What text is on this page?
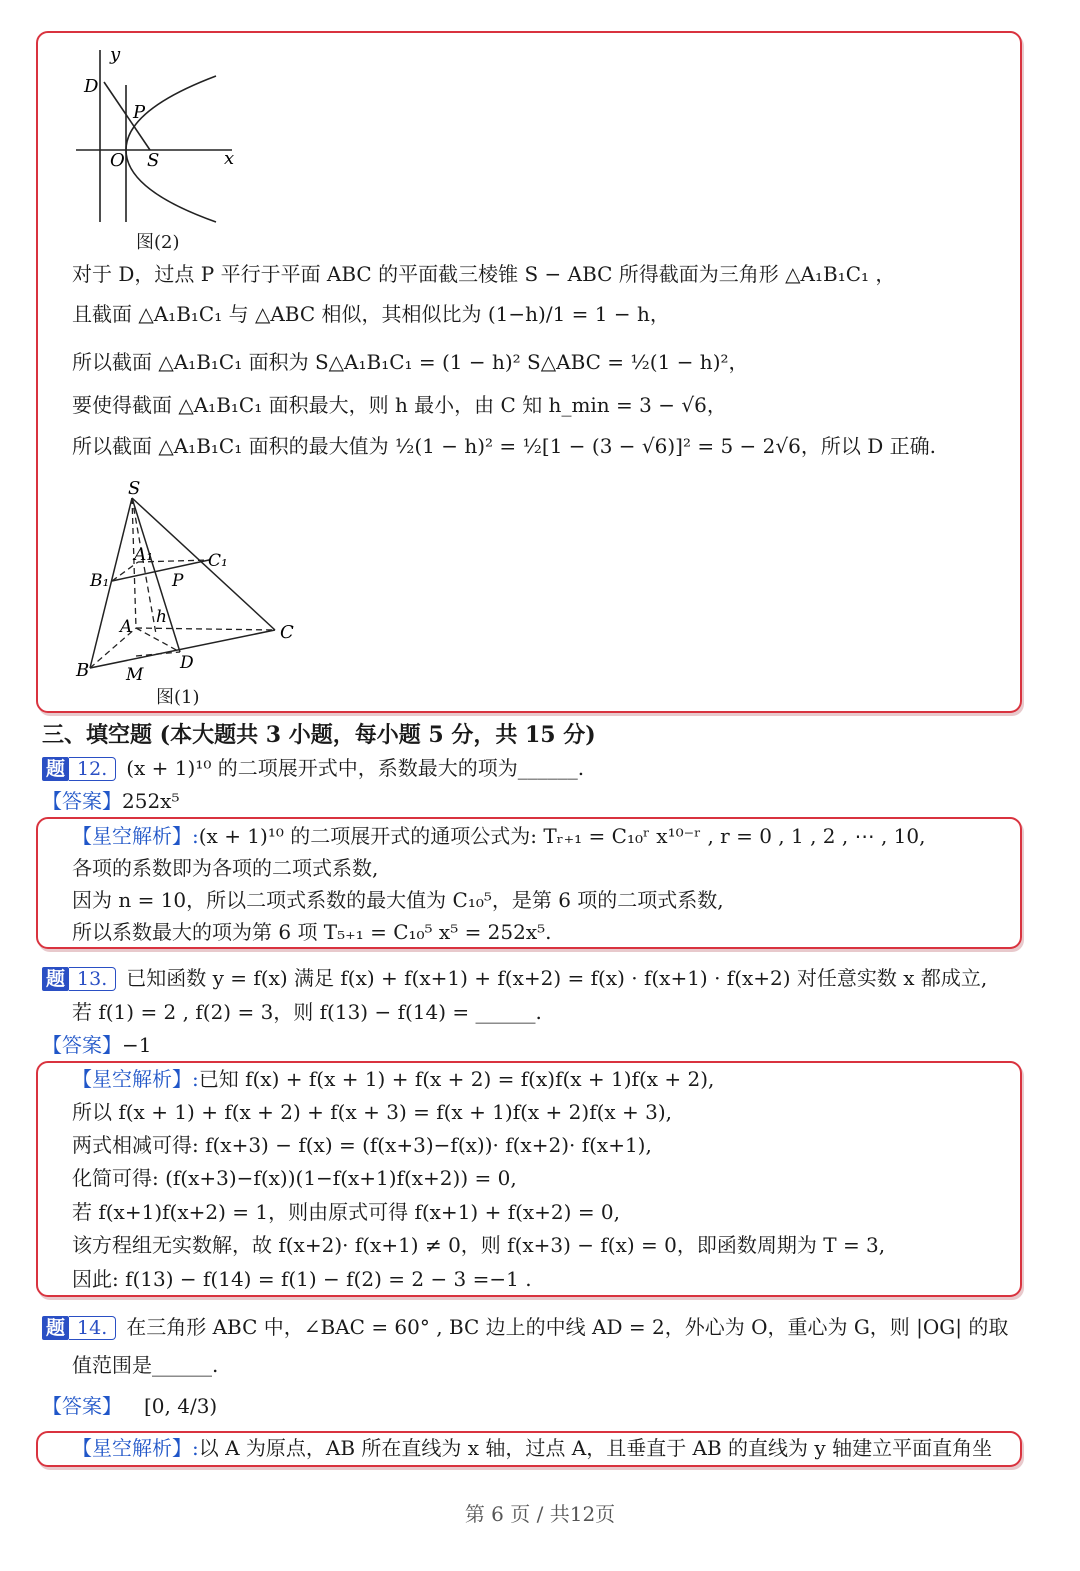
y
D
P
O S	x
图(2)
对于 D，过点 P 平行于平面 ABC 的平面截三棱锥 S − ABC 所得截面为三角形 △A₁B₁C₁ ，
且截面 △A₁B₁C₁ 与 △ABC 相似，其相似比为 (1−h)/1 = 1 − h，
所以截面 △A₁B₁C₁ 面积为 S△A₁B₁C₁ = (1 − h)² S△ABC = ½(1 − h)²，
要使得截面 △A₁B₁C₁ 面积最大，则 h 最小，由 C 知 h_min = 3 − √6，
所以截面 △A₁B₁C₁ 面积的最大值为 ½(1 − h)² = ½[1 − (3 − √6)]² = 5 − 2√6，所以 D 正确.
S
A₁	C₁
B₁	P
h
A	C
B M
D
图(1)
三、填空题 (本大题共 3 小题，每小题 5 分，共 15 分)
题 12. (x + 1)¹⁰ 的二项展开式中，系数最大的项为______.
【答案】252x⁵
【星空解析】:(x + 1)¹⁰ 的二项展开式的通项公式为: Tᵣ₊₁ = C₁₀ʳ x¹⁰⁻ʳ , r = 0 , 1 , 2 , ⋯ , 10,
各项的系数即为各项的二项式系数,
因为 n = 10，所以二项式系数的最大值为 C₁₀⁵，是第 6 项的二项式系数,
所以系数最大的项为第 6 项 T₅₊₁ = C₁₀⁵ x⁵ = 252x⁵.
题 13. 已知函数 y = f(x) 满足 f(x) + f(x+1) + f(x+2) = f(x) · f(x+1) · f(x+2) 对任意实数 x 都成立,
若 f(1) = 2 , f(2) = 3，则 f(13) − f(14) = ______.
【答案】−1
【星空解析】:已知 f(x) + f(x + 1) + f(x + 2) = f(x)f(x + 1)f(x + 2),
所以 f(x + 1) + f(x + 2) + f(x + 3) = f(x + 1)f(x + 2)f(x + 3),
两式相减可得: f(x+3) − f(x) = (f(x+3)−f(x))· f(x+2)· f(x+1),
化简可得: (f(x+3)−f(x))(1−f(x+1)f(x+2)) = 0,
若 f(x+1)f(x+2) = 1，则由原式可得 f(x+1) + f(x+2) = 0,
该方程组无实数解，故 f(x+2)· f(x+1) ≠ 0，则 f(x+3) − f(x) = 0，即函数周期为 T = 3,
因此: f(13) − f(14) = f(1) − f(2) = 2 − 3 =−1 .
题 14. 在三角形 ABC 中，∠BAC = 60° , BC 边上的中线 AD = 2，外心为 O，重心为 G，则 |OG| 的取
值范围是______.
【答案】 [0, 4/3)
【星空解析】:以 A 为原点，AB 所在直线为 x 轴，过点 A，且垂直于 AB 的直线为 y 轴建立平面直角坐
第 6 页 / 共12页
